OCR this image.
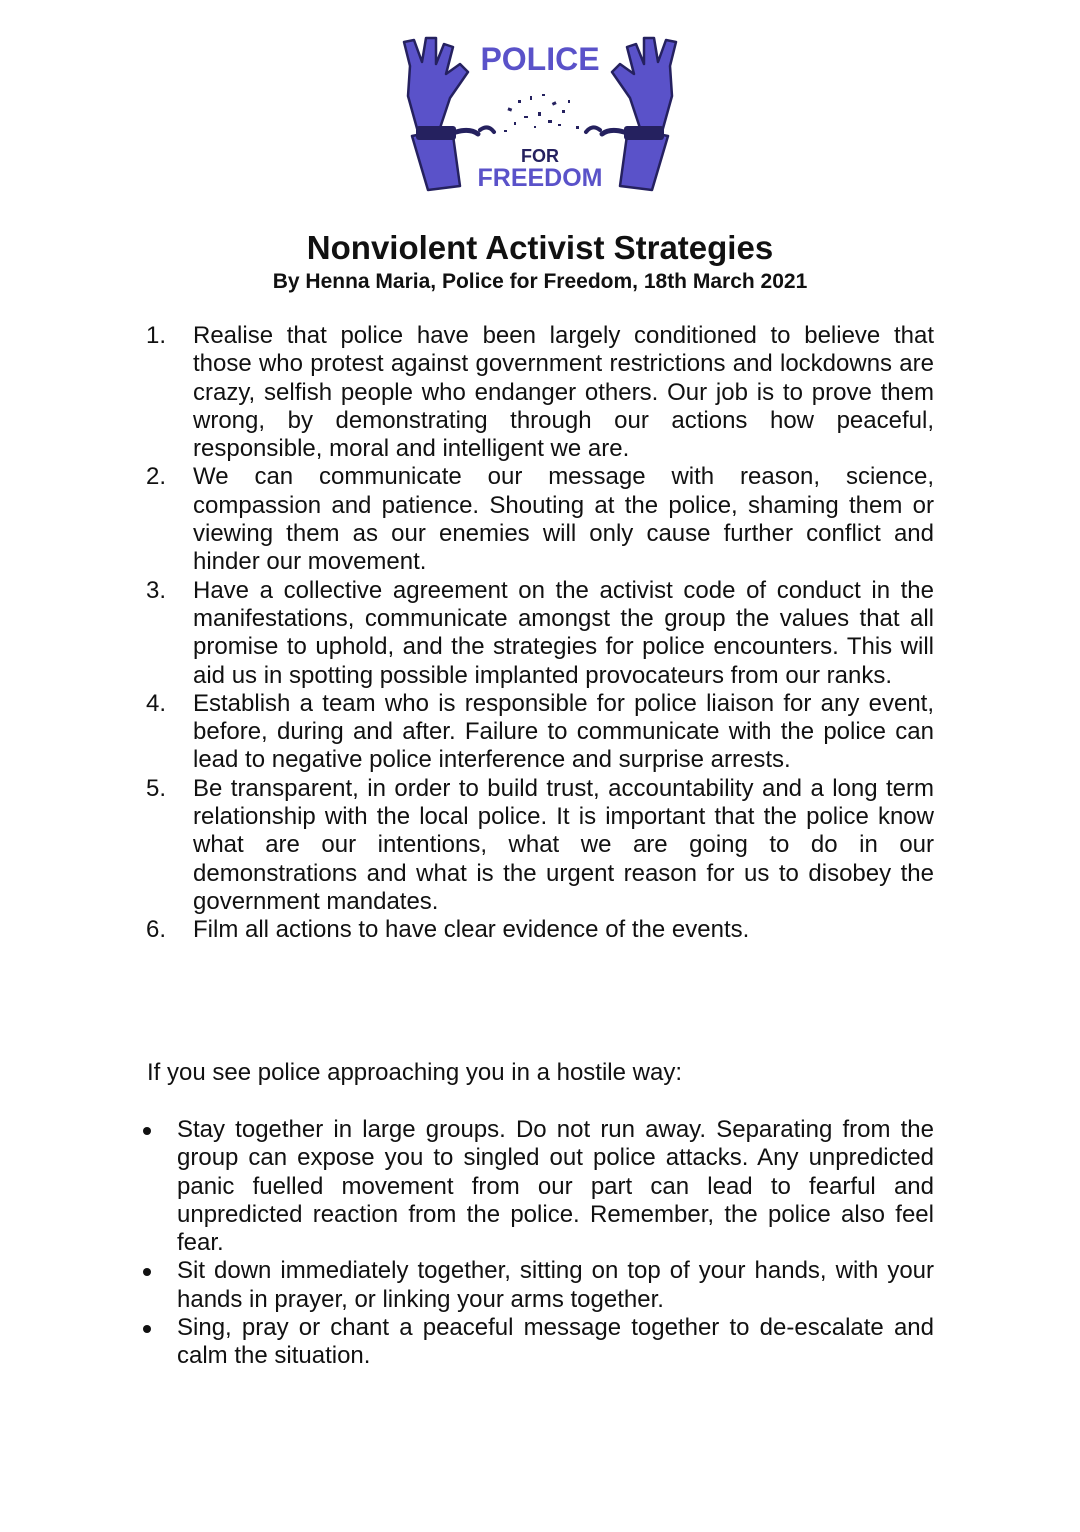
POLICE
FOR
FREEDOM
Nonviolent Activist Strategies

By Henna Maria, Police for Freedom, 18th March 2021

1. Realise that police have been largely conditioned to believe that those who protest against government restrictions and lockdowns are crazy, selfish people who endanger others. Our job is to prove them wrong, by demonstrating through our actions how peaceful, responsible, moral and intelligent we are.
2. We can communicate our message with reason, science, compassion and patience. Shouting at the police, shaming them or viewing them as our enemies will only cause further conflict and hinder our movement.
3. Have a collective agreement on the activist code of conduct in the manifestations, communicate amongst the group the values that all promise to uphold, and the strategies for police encounters. This will aid us in spotting possible implanted provocateurs from our ranks.
4. Establish a team who is responsible for police liaison for any event, before, during and after. Failure to communicate with the police can lead to negative police interference and surprise arrests.
5. Be transparent, in order to build trust, accountability and a long term relationship with the local police. It is important that the police know what are our intentions, what we are going to do in our demonstrations and what is the urgent reason for us to disobey the government mandates.
6. Film all actions to have clear evidence of the events.

If you see police approaching you in a hostile way:

Stay together in large groups. Do not run away. Separating from the group can expose you to singled out police attacks. Any unpredicted panic fuelled movement from our part can lead to fearful and unpredicted reaction from the police. Remember, the police also feel fear.
Sit down immediately together, sitting on top of your hands, with your hands in prayer, or linking your arms together.
Sing, pray or chant a peaceful message together to de-escalate and calm the situation.
